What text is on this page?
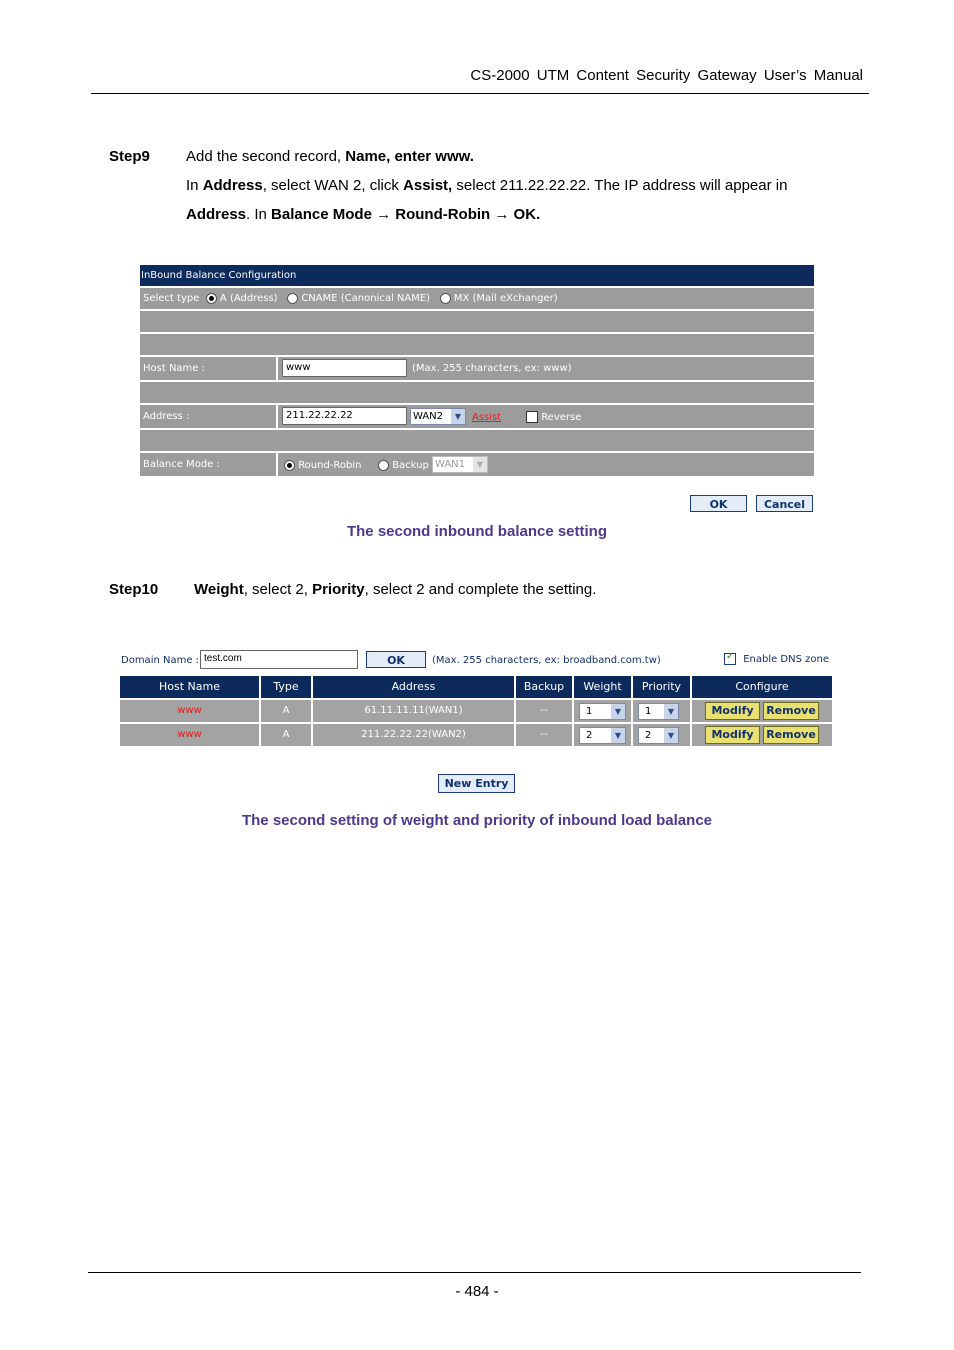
CS-2000 UTM Content Security Gateway User’s Manual
Step9 Add the second record, Name, enter www.
In Address, select WAN 2, click Assist, select 211.22.22.22. The IP address will appear in
Address. In Balance Mode → Round-Robin → OK.
InBound Balance Configuration
Select type A (Address) CNAME (Canonical NAME) MX (Mail eXchanger)
Host Name :	www	(Max. 255 characters, ex: www)
Address :	211.22.22.22	WAN2	▼	Assist	Reverse
Balance Mode :	Round-Robin	Backup WAN1	▼
OK	Cancel
The second inbound balance setting
Step10 Weight, select 2, Priority, select 2 and complete the setting.
Domain Name : test.com	OK	(Max. 255 characters, ex: broadband.com.tw)	✓ Enable DNS zone
Host Name	Type	Address	Backup	Weight	Priority	Configure
www	A	61.11.11.11(WAN1)	--	1	▼	1	▼	Modify	Remove
www	A	211.22.22.22(WAN2)	--	2	▼	2	▼	Modify	Remove
New Entry
The second setting of weight and priority of inbound load balance
- 484 -
